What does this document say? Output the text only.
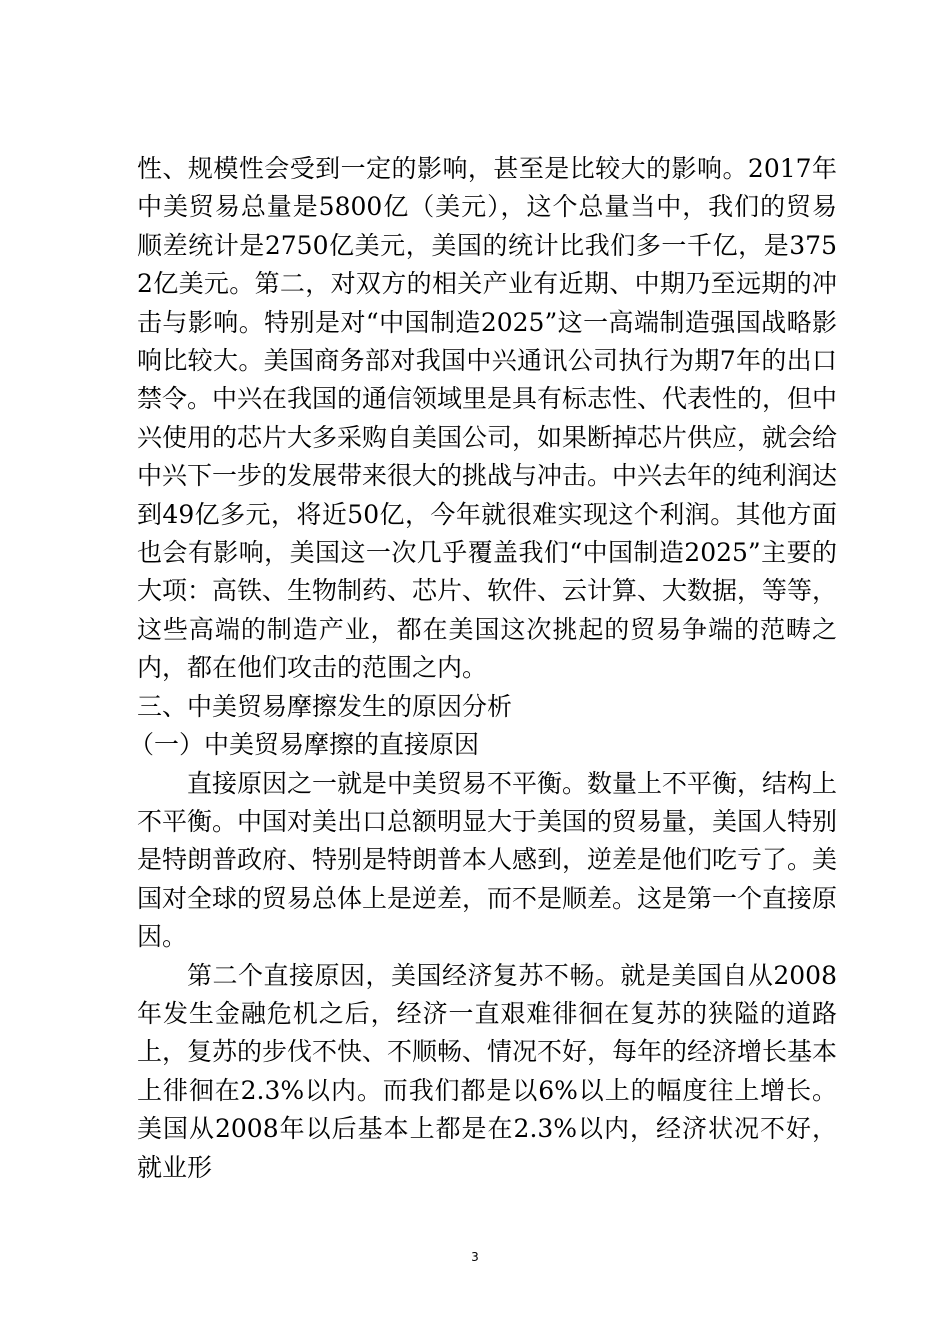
性、规模性会受到一定的影响，甚至是比较大的影响。2017年中美贸易总量是5800亿（美元），这个总量当中，我们的贸易顺差统计是2750亿美元，美国的统计比我们多一千亿，是3752亿美元。第二，对双方的相关产业有近期、中期乃至远期的冲击与影响。特别是对“中国制造2025”这一高端制造强国战略影响比较大。美国商务部对我国中兴通讯公司执行为期7年的出口禁令。中兴在我国的通信领域里是具有标志性、代表性的，但中兴使用的芯片大多采购自美国公司，如果断掉芯片供应，就会给中兴下一步的发展带来很大的挑战与冲击。中兴去年的纯利润达到49亿多元，将近50亿，今年就很难实现这个利润。其他方面也会有影响，美国这一次几乎覆盖我们“中国制造2025”主要的大项：高铁、生物制药、芯片、软件、云计算、大数据，等等，这些高端的制造产业，都在美国这次挑起的贸易争端的范畴之内，都在他们攻击的范围之内。

三、中美贸易摩擦发生的原因分析

（一）中美贸易摩擦的直接原因

直接原因之一就是中美贸易不平衡。数量上不平衡，结构上不平衡。中国对美出口总额明显大于美国的贸易量，美国人特别是特朗普政府、特别是特朗普本人感到，逆差是他们吃亏了。美国对全球的贸易总体上是逆差，而不是顺差。这是第一个直接原因。

第二个直接原因，美国经济复苏不畅。就是美国自从2008年发生金融危机之后，经济一直艰难徘徊在复苏的狭隘的道路上，复苏的步伐不快、不顺畅、情况不好，每年的经济增长基本上徘徊在2.3%以内。而我们都是以6%以上的幅度往上增长。美国从2008年以后基本上都是在2.3%以内，经济状况不好，就业形

3
